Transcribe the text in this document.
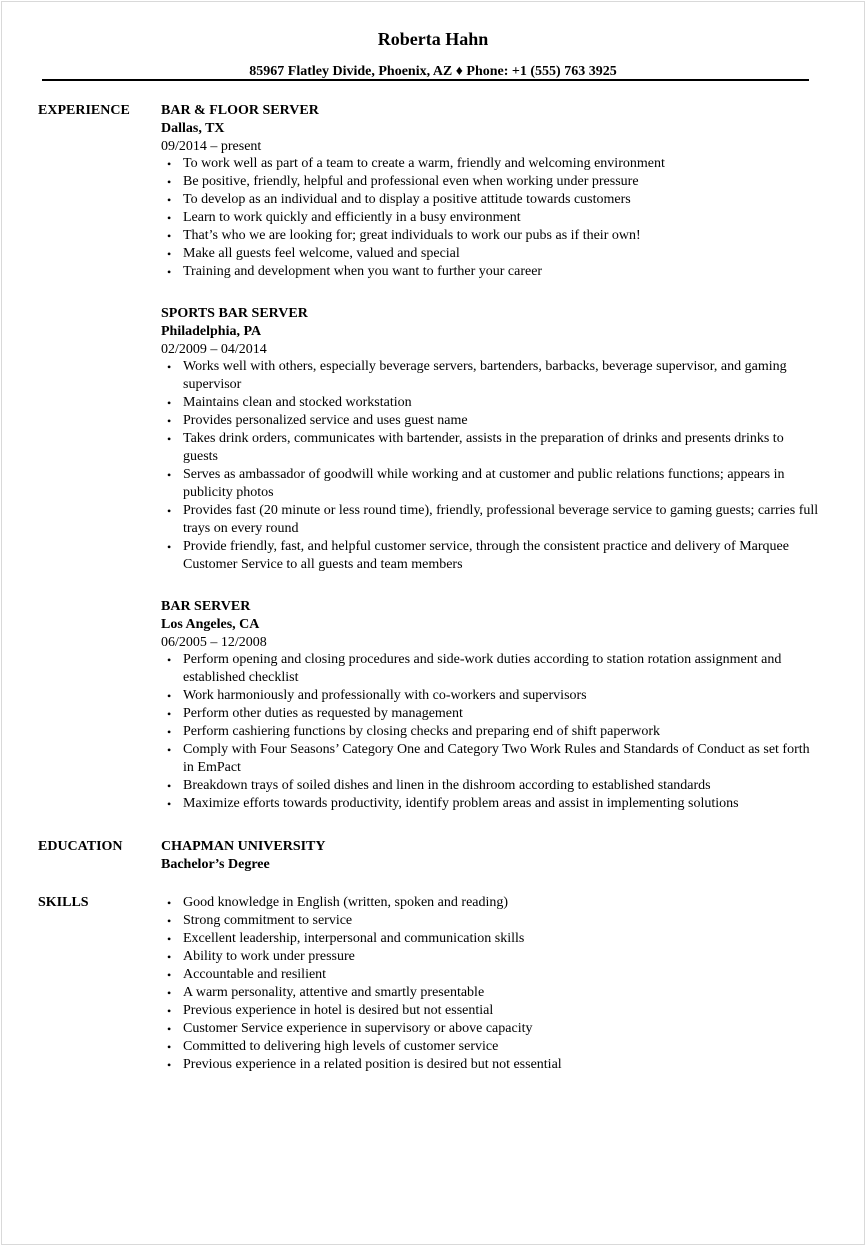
Roberta Hahn
85967 Flatley Divide, Phoenix, AZ ♦ Phone: +1 (555) 763 3925
EXPERIENCE BAR & FLOOR SERVER
Dallas, TX
09/2014 – present
• To work well as part of a team to create a warm, friendly and welcoming environment
• Be positive, friendly, helpful and professional even when working under pressure
• To develop as an individual and to display a positive attitude towards customers
• Learn to work quickly and efficiently in a busy environment
• That’s who we are looking for; great individuals to work our pubs as if their own!
• Make all guests feel welcome, valued and special
• Training and development when you want to further your career
SPORTS BAR SERVER
Philadelphia, PA
02/2009 – 04/2014
• Works well with others, especially beverage servers, bartenders, barbacks, beverage supervisor, and gaming supervisor
• Maintains clean and stocked workstation
• Provides personalized service and uses guest name
• Takes drink orders, communicates with bartender, assists in the preparation of drinks and presents drinks to guests
• Serves as ambassador of goodwill while working and at customer and public relations functions; appears in publicity photos
• Provides fast (20 minute or less round time), friendly, professional beverage service to gaming guests; carries full trays on every round
• Provide friendly, fast, and helpful customer service, through the consistent practice and delivery of Marquee Customer Service to all guests and team members
BAR SERVER
Los Angeles, CA
06/2005 – 12/2008
• Perform opening and closing procedures and side-work duties according to station rotation assignment and established checklist
• Work harmoniously and professionally with co-workers and supervisors
• Perform other duties as requested by management
• Perform cashiering functions by closing checks and preparing end of shift paperwork
• Comply with Four Seasons’ Category One and Category Two Work Rules and Standards of Conduct as set forth in EmPact
• Breakdown trays of soiled dishes and linen in the dishroom according to established standards
• Maximize efforts towards productivity, identify problem areas and assist in implementing solutions
EDUCATION	CHAPMAN UNIVERSITY
Bachelor’s Degree
SKILLS
•	Good knowledge in English (written, spoken and reading)
• Strong commitment to service
• Excellent leadership, interpersonal and communication skills
• Ability to work under pressure
• Accountable and resilient
• A warm personality, attentive and smartly presentable
• Previous experience in hotel is desired but not essential
• Customer Service experience in supervisory or above capacity
• Committed to delivering high levels of customer service
• Previous experience in a related position is desired but not essential
